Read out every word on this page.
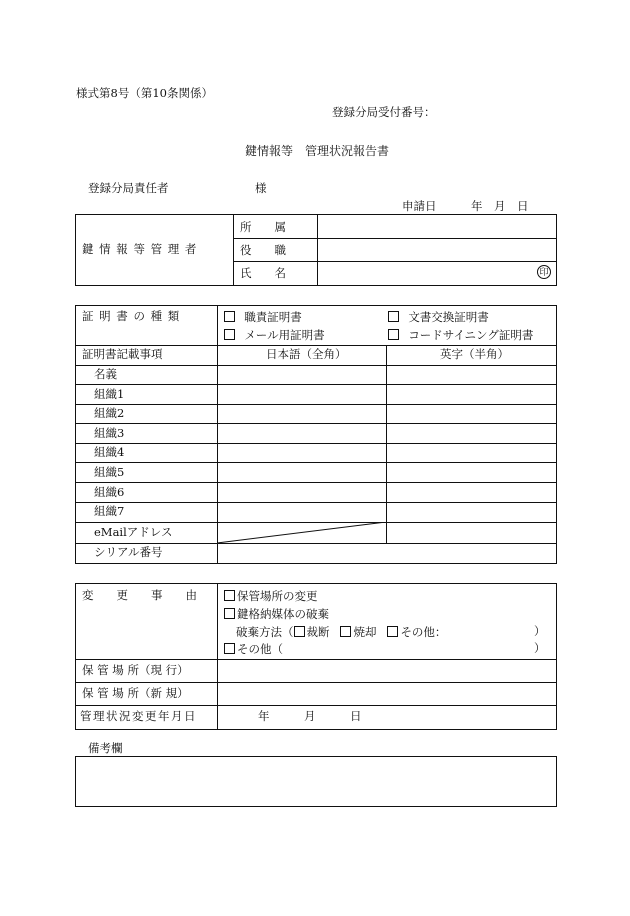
様式第8号（第10条関係）
登録分局受付番号：
鍵情報等　管理状況報告書
登録分局責任者	様
申請日　　　年　月　日
鍵 情 報 等 管 理 者
所　　属
役　　職
氏　　名	印
証 明 書 の 種 類	職責証明書	文書交換証明書
メール用証明書	コードサイニング証明書
証明書記載事項	日本語（全角）	英字（半角）
名義
組織1
組織2
組織3
組織4
組織5
組織6
組織7
eMailアドレス
シリアル番号
変　　更　　事　　由	保管場所の変更
鍵格納媒体の破棄
破棄方法（ 裁断 焼却 その他：	）
その他（	）
保 管 場 所（現 行）
保 管 場 所（新 規）
管理状況変更年月日	年　　　月　　　日
備考欄
